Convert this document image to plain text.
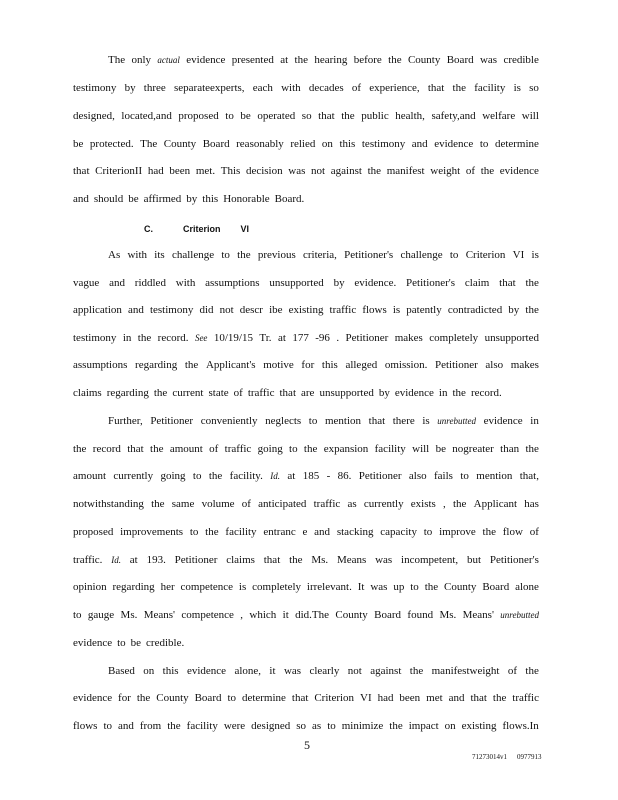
The only actual evidence presented at the hearing before the County Board was credible
testimony by three separateexperts, each with decades of experience, that the facility is so
designed, located,and proposed to be operated so that the public health, safety,and welfare will
be protected. The County Board reasonably relied on this testimony and evidence to determine
that CriterionII had been met. This decision was not against the manifest weight of the evidence
and should be affirmed by this Honorable Board.
As with its challenge to the previous criteria, Petitioner's challenge to Criterion VI is
vague and riddled with assumptions unsupported by evidence. Petitioner's claim that the
application and testimony did not descr ibe existing traffic flows is patently contradicted by the
testimony in the record. See 10/19/15 Tr. at 177 -96 . Petitioner makes completely unsupported
assumptions regarding the Applicant's motive for this alleged omission. Petitioner also makes
claims regarding the current state of traffic that are unsupported by evidence in the record.
Further, Petitioner conveniently neglects to mention that there is unrebutted evidence in
the record that the amount of traffic going to the expansion facility will be nogreater than the
amount currently going to the facility. Id. at 185 - 86. Petitioner also fails to mention that,
notwithstanding the same volume of anticipated traffic as currently exists , the Applicant has
proposed improvements to the facility entranc e and stacking capacity to improve the flow of
traffic. Id. at 193. Petitioner claims that the Ms. Means was incompetent, but Petitioner's
opinion regarding her competence is completely irrelevant. It was up to the County Board alone
to gauge Ms. Means' competence , which it did.The County Board found Ms. Means' unrebutted
evidence to be credible.
Based on this evidence alone, it was clearly not against the manifestweight of the
evidence for the County Board to determine that Criterion VI had been met and that the traffic
flows to and from the facility were designed so as to minimize the impact on existing flows.In
C.	Criterion VI
5
71273014v1 0977913
